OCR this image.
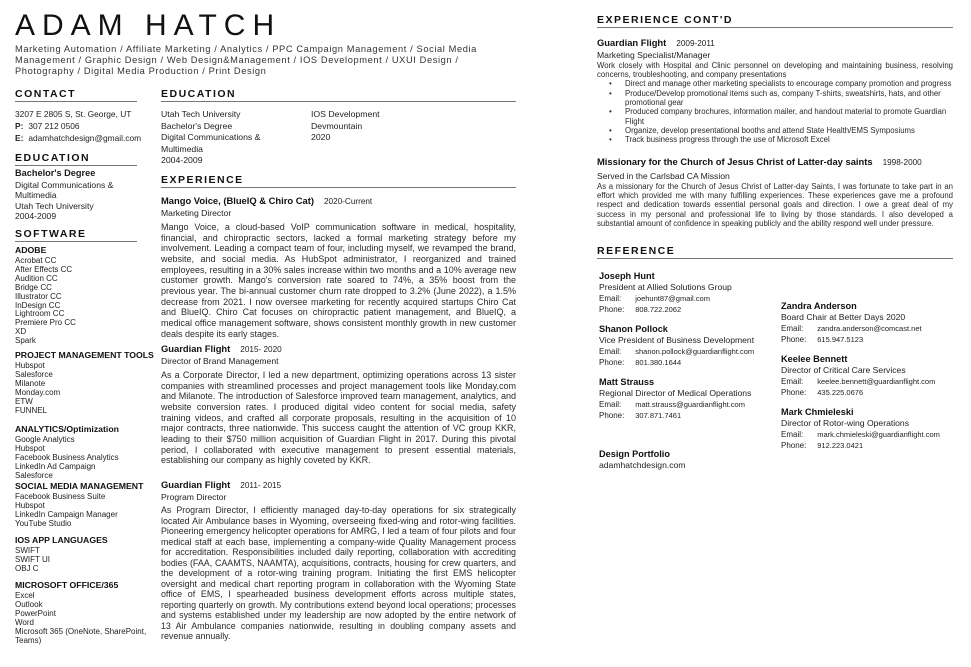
ADAM HATCH
Marketing Automation / Affiliate Marketing / Analytics / PPC Campaign Management / Social Media Management / Graphic Design / Web Design&Management / IOS Development / UXUI Design / Photography / Digital Media Production / Print Design
CONTACT
3207 E 2805 S, St. George, UT
P: 307 212 0506
E: adamhatchdesign@gmail.com
EDUCATION
Bachelor's Degree
Digital Communications & Multimedia
Utah Tech University
2004-2009
SOFTWARE
ADOBE
Acrobat CC
After Effects CC
Audition CC
Bridge CC
Illustrator CC
InDesign CC
Lightroom CC
Premiere Pro CC
XD
Spark
PROJECT MANAGEMENT TOOLS
Hubspot
Salesforce
Milanote
Monday.com
ETW
FUNNEL
ANALYTICS/Optimization
Google Analytics
Hubspot
Facebook Business Analytics
LinkedIn Ad Campaign
Salesforce
SOCIAL MEDIA MANAGEMENT
Facebook Business Suite
Hubspot
LinkedIn Campaign Manager
YouTube Studio
IOS APP LANGUAGES
SWIFT
SWIFT UI
OBJ C
MICROSOFT OFFICE/365
Excel
Outlook
PowerPoint
Word
Microsoft 365 (OneNote, SharePoint, Teams)
EDUCATION
Utah Tech University
Bachelor's Degree
Digital Communications & Multimedia
2004-2009
IOS Development
Devmountain
2020
EXPERIENCE
Mango Voice, (BlueIQ & Chiro Cat) 2020-Current
Marketing Director
Mango Voice, a cloud-based VoIP communication software in medical, hospitality, financial, and chiropractic sectors, lacked a formal marketing strategy before my involvement. Leading a compact team of four, including myself, we revamped the brand, website, and social media. As HubSpot administrator, I reorganized and trained employees, resulting in a 30% sales increase within two months and a 10% average new customer growth. Mango's conversion rate soared to 74%, a 35% boost from the previous year. The bi-annual customer churn rate dropped to 3.2% (June 2022), a 1.5% decrease from 2021. I now oversee marketing for recently acquired startups Chiro Cat and BlueIQ. Chiro Cat focuses on chiropractic patient management, and BlueIQ, a medical office management software, shows consistent monthly growth in new customer deals despite its early stages.
Guardian Flight 2015- 2020
Director of Brand Management
As a Corporate Director, I led a new department, optimizing operations across 13 sister companies with streamlined processes and project management tools like Monday.com and Milanote. The introduction of Salesforce improved team management, analytics, and website conversion rates. I produced digital video content for social media, safety training videos, and crafted all corporate proposals, resulting in the acquisition of 10 major contracts, three nationwide. This success caught the attention of VC group KKR, leading to their $750 million acquisition of Guardian Flight in 2017. During this pivotal period, I collaborated with executive management to present essential materials, establishing our company as highly coveted by KKR.
Guardian Flight 2011- 2015
Program Director
As Program Director, I efficiently managed day-to-day operations for six strategically located Air Ambulance bases in Wyoming, overseeing fixed-wing and rotor-wing facilities. Pioneering emergency helicopter operations for AMRG, I led a team of four pilots and four medical staff at each base, implementing a company-wide Quality Management process for accreditation. Responsibilities included daily reporting, collaboration with accrediting bodies (FAA, CAAMTS, NAAMTA), acquisitions, contracts, housing for crew quarters, and the development of a rotor-wing training program. Initiating the first EMS helicopter oversight and medical chart reporting program in collaboration with the Wyoming State office of EMS, I spearheaded business development efforts across multiple states, reporting quarterly on growth. My contributions extend beyond local operations; processes and systems established under my leadership are now adopted by the entire network of 13 Air Ambulance companies nationwide, resulting in doubling company assets and revenue annually.
EXPERIENCE CONT'D
Guardian Flight 2009-2011
Marketing Specialist/Manager
Work closely with Hospital and Clinic personnel on developing and maintaining business, resolving concerns, troubleshooting, and company presentations
• Direct and manage other marketing specialists to encourage company promotion and progress
• Produce/Develop promotional items such as, company T-shirts, sweatshirts, hats, and other promotional gear
• Produced company brochures, information mailer, and handout material to promote Guardian Flight
• Organize, develop presentational booths and attend State Health/EMS Symposiums
• Track business progress through the use of Microsoft Excel
Missionary for the Church of Jesus Christ of Latter-day saints 1998-2000
Served in the Carlsbad CA Mission
As a missionary for the Church of Jesus Christ of Latter-day Saints, I was fortunate to take part in an effort which provided me with many fulfilling experiences. These experiences gave me a profound respect and dedication towards essential personal goals and direction. I owe a great deal of my success in my personal and professional life to living by those standards. I also developed a substantial amount of confidence in speaking publicly and the ability respond well under pressure.
REFERENCE
Joseph Hunt
President at Allied Solutions Group
Email: joehunt87@gmail.com
Phone: 808.722.2062
Shanon Pollock
Vice President of Business Development
Email: shanon.pollock@guardianflight.com
Phone: 801.380.1644
Matt Strauss
Regional Director of Medical Operations
Email: matt.strauss@guardianflight.com
Phone: 307.871.7461
Zandra Anderson
Board Chair at Better Days 2020
Email: zandra.anderson@comcast.net
Phone: 615.947.5123
Keelee Bennett
Director of Critical Care Services
Email: keelee.bennett@guardianflight.com
Phone: 435.225.0676
Mark Chmieleski
Director of Rotor-wing Operations
Email: mark.chmieleski@guardianflight.com
Phone: 912.223.0421
Design Portfolio
adamhatchdesign.com
